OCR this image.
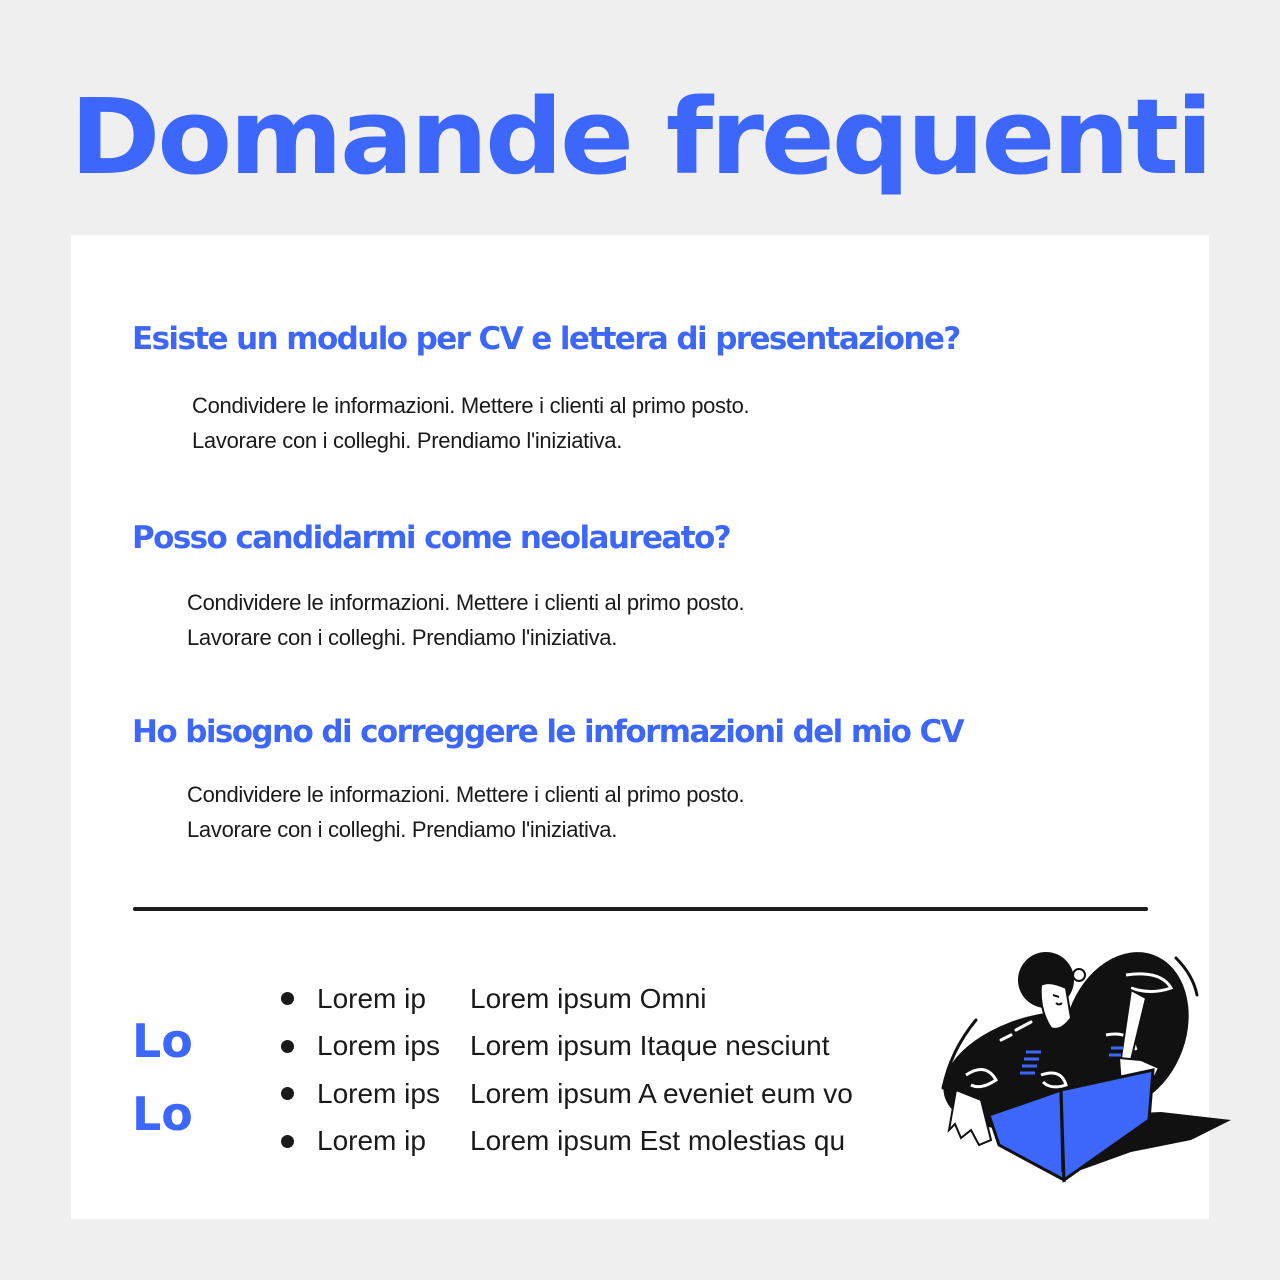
Domande frequenti
Esiste un modulo per CV e lettera di presentazione?

Condividere le informazioni. Mettere i clienti al primo posto.
Lavorare con i colleghi. Prendiamo l'iniziativa.

Posso candidarmi come neolaureato?

Condividere le informazioni. Mettere i clienti al primo posto.
Lavorare con i colleghi. Prendiamo l'iniziativa.

Ho bisogno di correggere le informazioni del mio CV

Condividere le informazioni. Mettere i clienti al primo posto.
Lavorare con i colleghi. Prendiamo l'iniziativa.

Lo
Lo
Lorem ip	Lorem ipsum Omni
Lorem ips	Lorem ipsum Itaque nesciunt
Lorem ips	Lorem ipsum A eveniet eum vo
Lorem ip	Lorem ipsum Est molestias qu
